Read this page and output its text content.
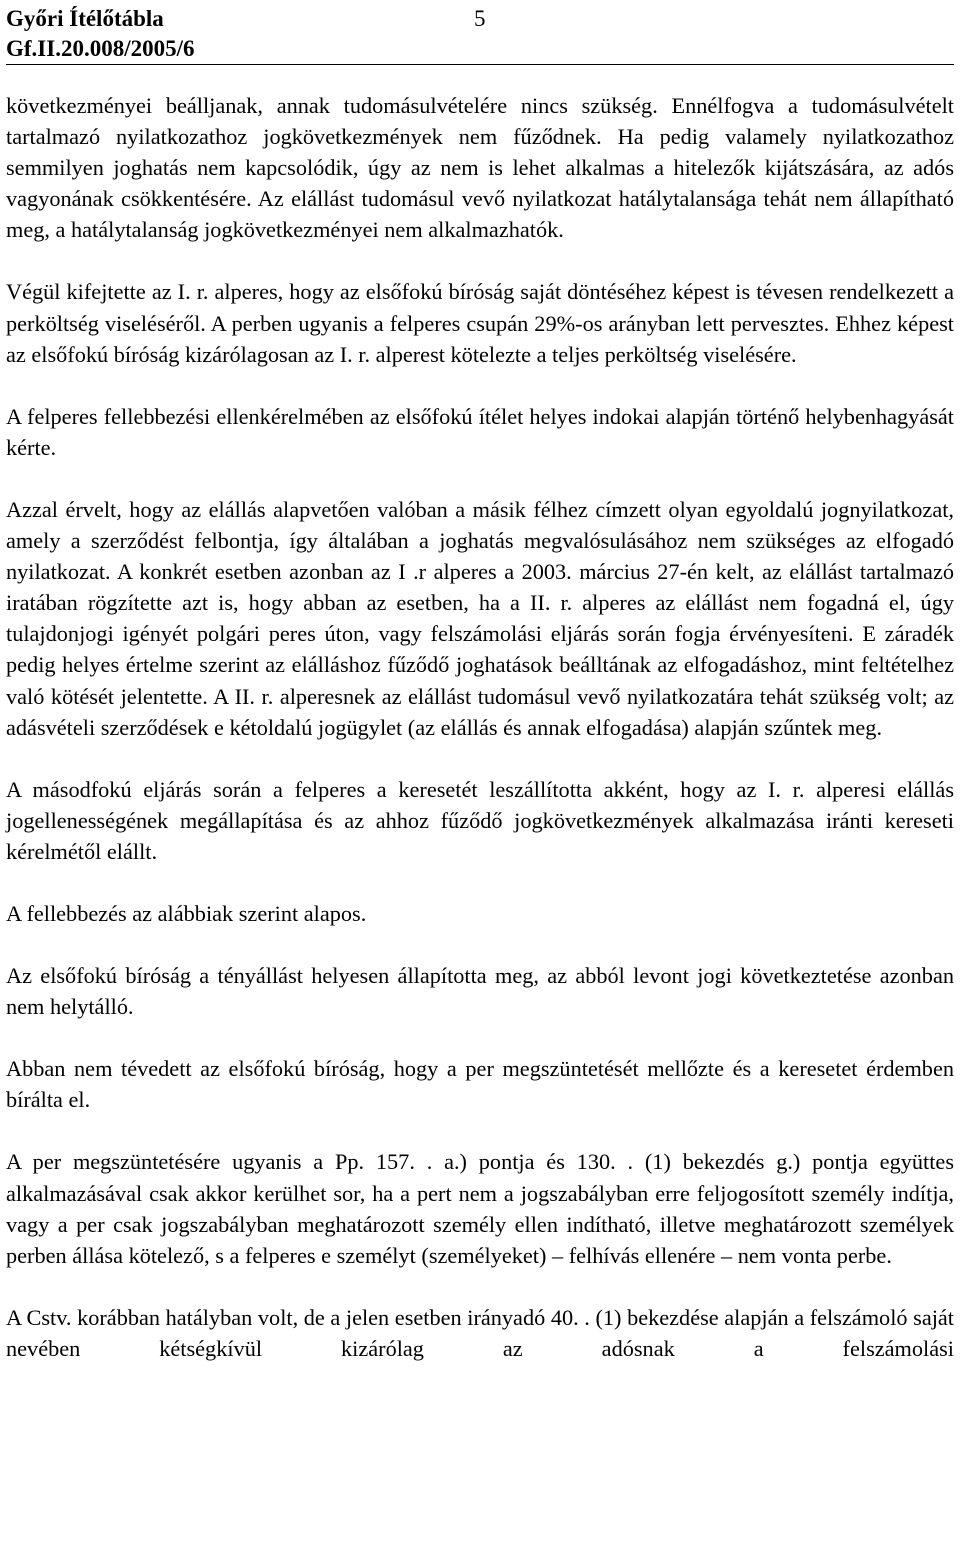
Győri Ítélőtábla
Gf.II.20.008/2005/6
5

következményei beálljanak, annak tudomásulvételére nincs szükség. Ennélfogva a tudomásulvételt tartalmazó nyilatkozathoz jogkövetkezmények nem fűződnek. Ha pedig valamely nyilatkozathoz semmilyen joghatás nem kapcsolódik, úgy az nem is lehet alkalmas a hitelezők kijátszására, az adós vagyonának csökkentésére. Az elállást tudomásul vevő nyilatkozat hatálytalansága tehát nem állapítható meg, a hatálytalanság jogkövetkezményei nem alkalmazhatók.

Végül kifejtette az I. r. alperes, hogy az elsőfokú bíróság saját döntéséhez képest is tévesen rendelkezett a perköltség viseléséről. A perben ugyanis a felperes csupán 29%-os arányban lett pervesztes. Ehhez képest az elsőfokú bíróság kizárólagosan az I. r. alperest kötelezte a teljes perköltség viselésére.

A felperes fellebbezési ellenkérelmében az elsőfokú ítélet helyes indokai alapján történő helybenhagyását kérte.

Azzal érvelt, hogy az elállás alapvetően valóban a másik félhez címzett olyan egyoldalú jognyilatkozat, amely a szerződést felbontja, így általában a joghatás megvalósulásához nem szükséges az elfogadó nyilatkozat. A konkrét esetben azonban az I .r alperes a 2003. március 27-én kelt, az elállást tartalmazó iratában rögzítette azt is, hogy abban az esetben, ha a II. r. alperes az elállást nem fogadná el, úgy tulajdonjogi igényét polgári peres úton, vagy felszámolási eljárás során fogja érvényesíteni. E záradék pedig helyes értelme szerint az elálláshoz fűződő joghatások beálltának az elfogadáshoz, mint feltételhez való kötését jelentette. A II. r. alperesnek az elállást tudomásul vevő nyilatkozatára tehát szükség volt; az adásvételi szerződések e kétoldalú jogügylet (az elállás és annak elfogadása) alapján szűntek meg.

A másodfokú eljárás során a felperes a keresetét leszállította akként, hogy az I. r. alperesi elállás jogellenességének megállapítása és az ahhoz fűződő jogkövetkezmények alkalmazása iránti kereseti kérelmétől elállt.

A fellebbezés az alábbiak szerint alapos.

Az elsőfokú bíróság a tényállást helyesen állapította meg, az abból levont jogi következtetése azonban nem helytálló.

Abban nem tévedett az elsőfokú bíróság, hogy a per megszüntetését mellőzte és a keresetet érdemben bírálta el.

A per megszüntetésére ugyanis a Pp. 157. . a.) pontja és 130. . (1) bekezdés g.) pontja együttes alkalmazásával csak akkor kerülhet sor, ha a pert nem a jogszabályban erre feljogosított személy indítja, vagy a per csak jogszabályban meghatározott személy ellen indítható, illetve meghatározott személyek perben állása kötelező, s a felperes e személyt (személyeket) – felhívás ellenére – nem vonta perbe.

A Cstv. korábban hatályban volt, de a jelen esetben irányadó 40. . (1) bekezdése alapján a felszámoló saját nevében kétségkívül kizárólag az adósnak a felszámolási
